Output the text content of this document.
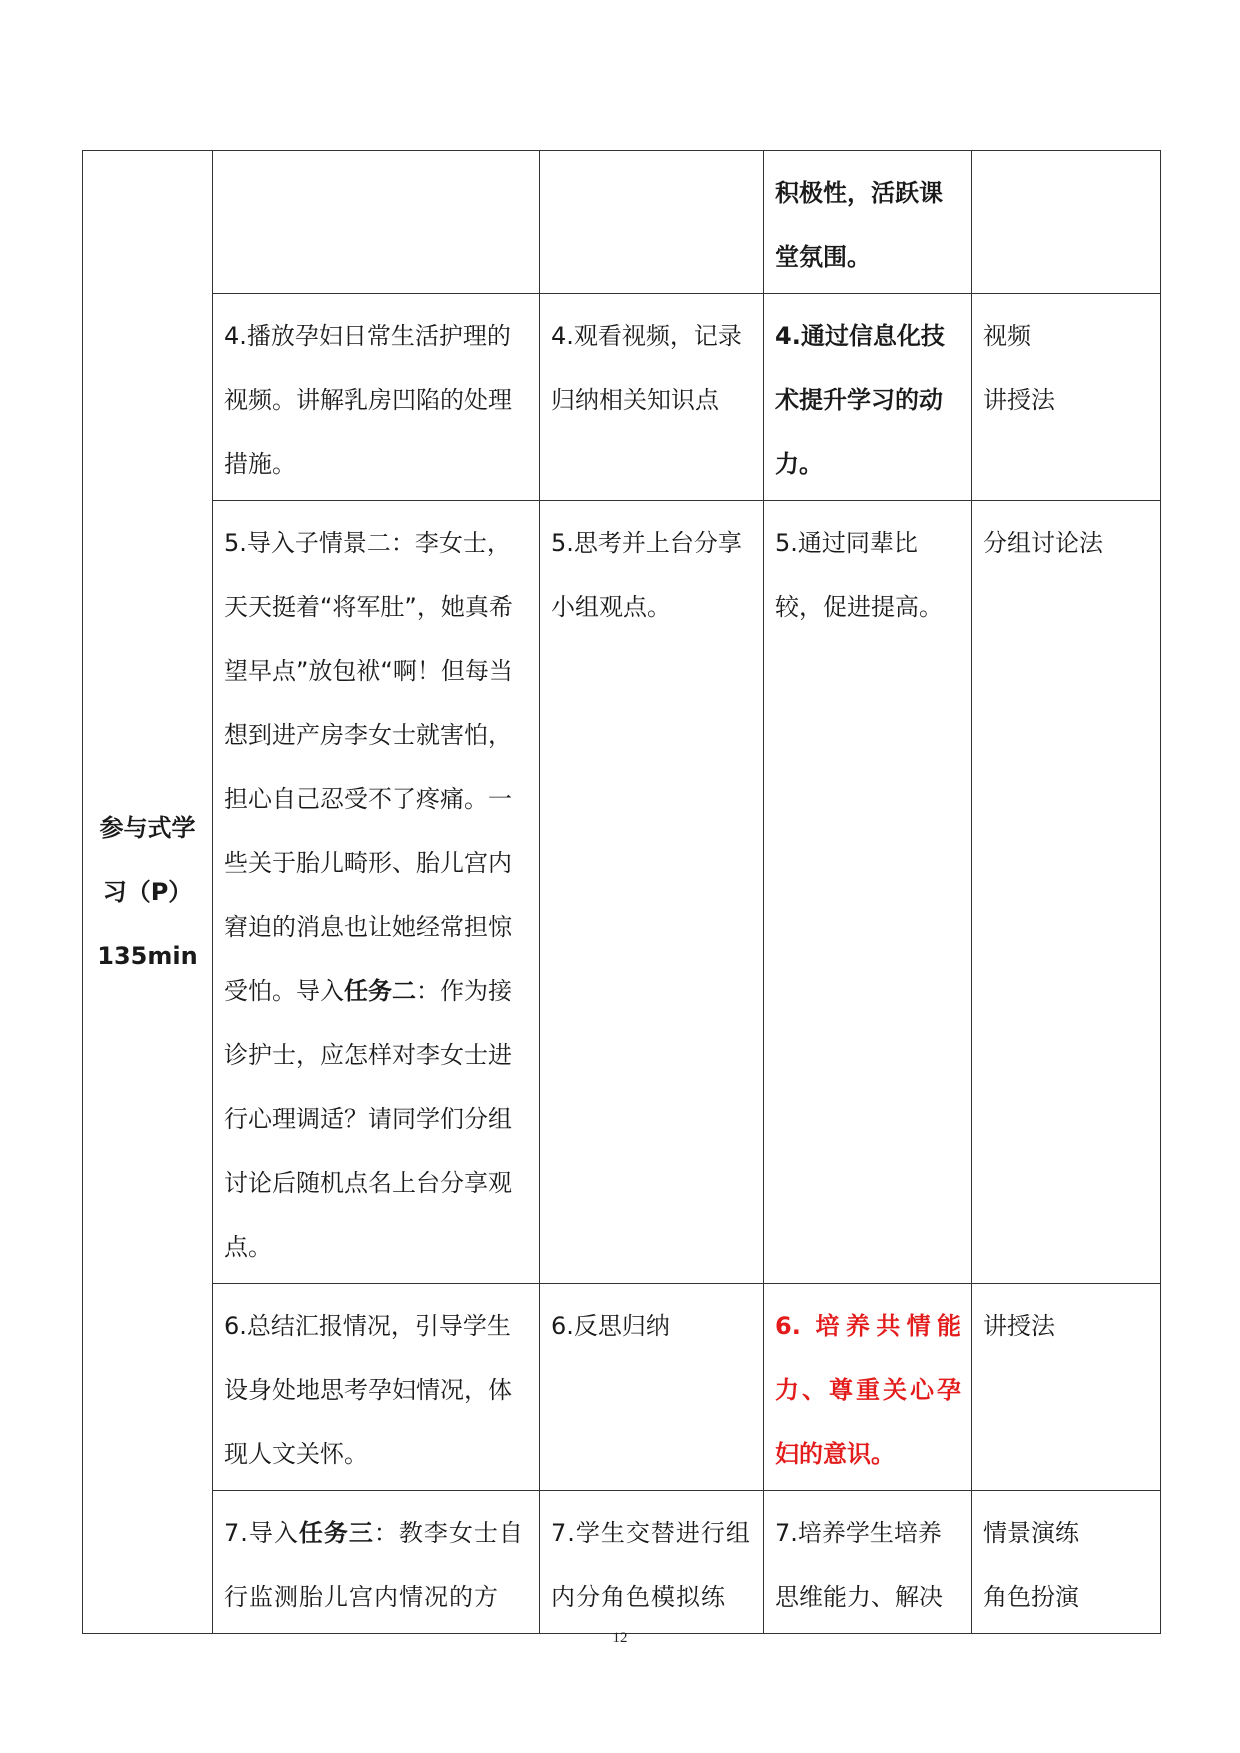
参与式学
习（P）
135min			积极性，活跃课堂氛围。	
	4.播放孕妇日常生活护理的视频。讲解乳房凹陷的处理措施。	4.观看视频，记录归纳相关知识点	4.通过信息化技术提升学习的动力。	视频
讲授法

	5.导入子情景二：李女士，天天挺着“将军肚”，她真希望早点”放包袱“啊！但每当想到进产房李女士就害怕，担心自己忍受不了疼痛。一些关于胎儿畸形、胎儿宫内窘迫的消息也让她经常担惊受怕。导入任务二：作为接诊护士，应怎样对李女士进行心理调适？请同学们分组讨论后随机点名上台分享观点。	5.思考并上台分享小组观点。	5.通过同辈比较，促进提高。	分组讨论法
	6.总结汇报情况，引导学生设身处地思考孕妇情况，体现人文关怀。	6.反思归纳	6. 培养共情能力、尊重关心孕妇的意识。	讲授法
	7.导入任务三：教李女士自行监测胎儿宫内情况的方	7.学生交替进行组内分角色模拟练	7.培养学生培养思维能力、解决	情景演练
角色扮演
12
